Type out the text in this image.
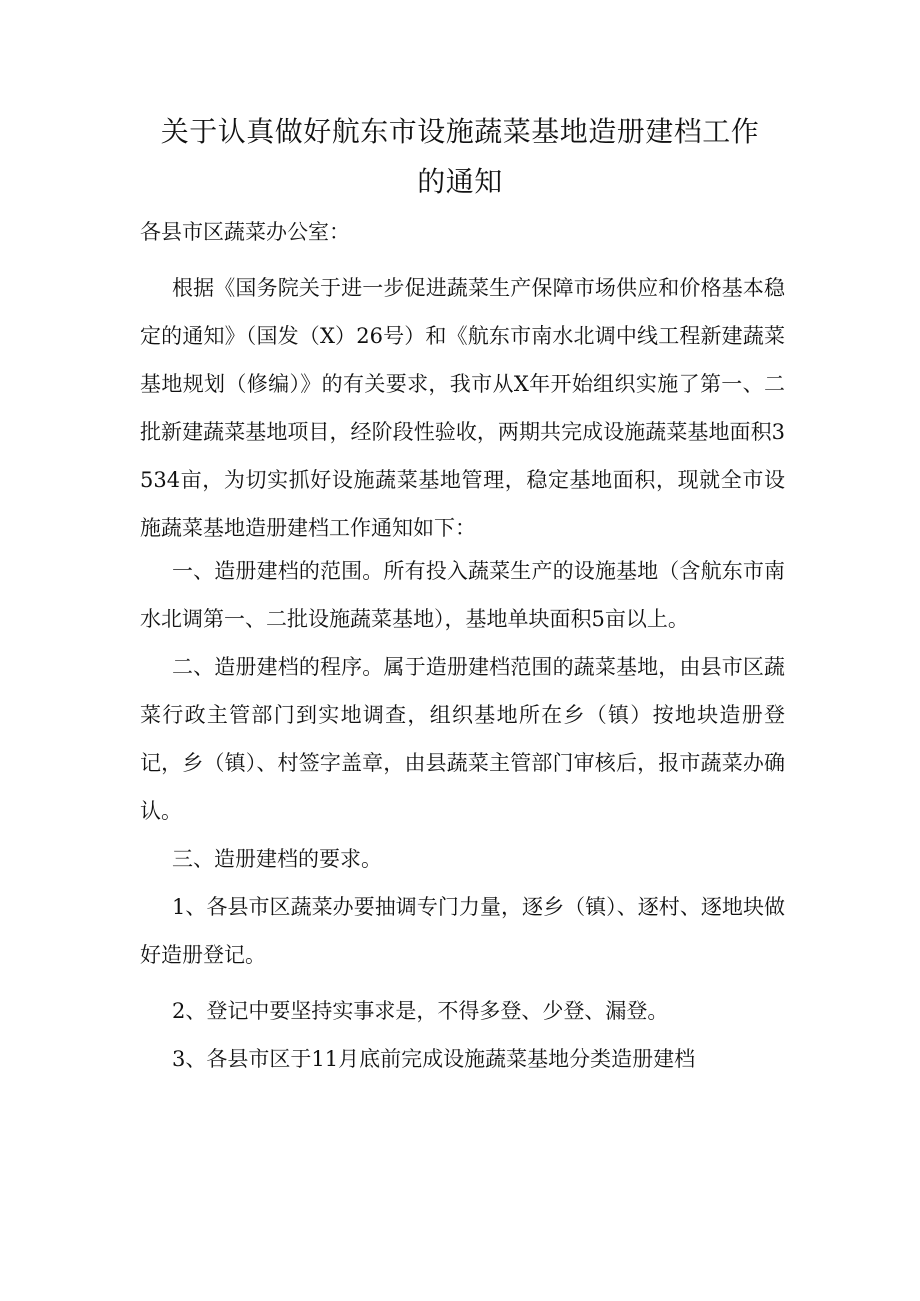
关于认真做好航东市设施蔬菜基地造册建档工作
的通知

各县市区蔬菜办公室：

根据《国务院关于进一步促进蔬菜生产保障市场供应和价格基本稳定的通知》（国发（X）26号）和《航东市南水北调中线工程新建蔬菜基地规划（修编）》的有关要求，我市从X年开始组织实施了第一、二批新建蔬菜基地项目，经阶段性验收，两期共完成设施蔬菜基地面积3534亩，为切实抓好设施蔬菜基地管理，稳定基地面积，现就全市设施蔬菜基地造册建档工作通知如下：

一、造册建档的范围。所有投入蔬菜生产的设施基地（含航东市南水北调第一、二批设施蔬菜基地），基地单块面积5亩以上。

二、造册建档的程序。属于造册建档范围的蔬菜基地，由县市区蔬菜行政主管部门到实地调查，组织基地所在乡（镇）按地块造册登记，乡（镇）、村签字盖章，由县蔬菜主管部门审核后，报市蔬菜办确认。

三、造册建档的要求。

1、各县市区蔬菜办要抽调专门力量，逐乡（镇）、逐村、逐地块做好造册登记。

2、登记中要坚持实事求是，不得多登、少登、漏登。

3、各县市区于11月底前完成设施蔬菜基地分类造册建档
